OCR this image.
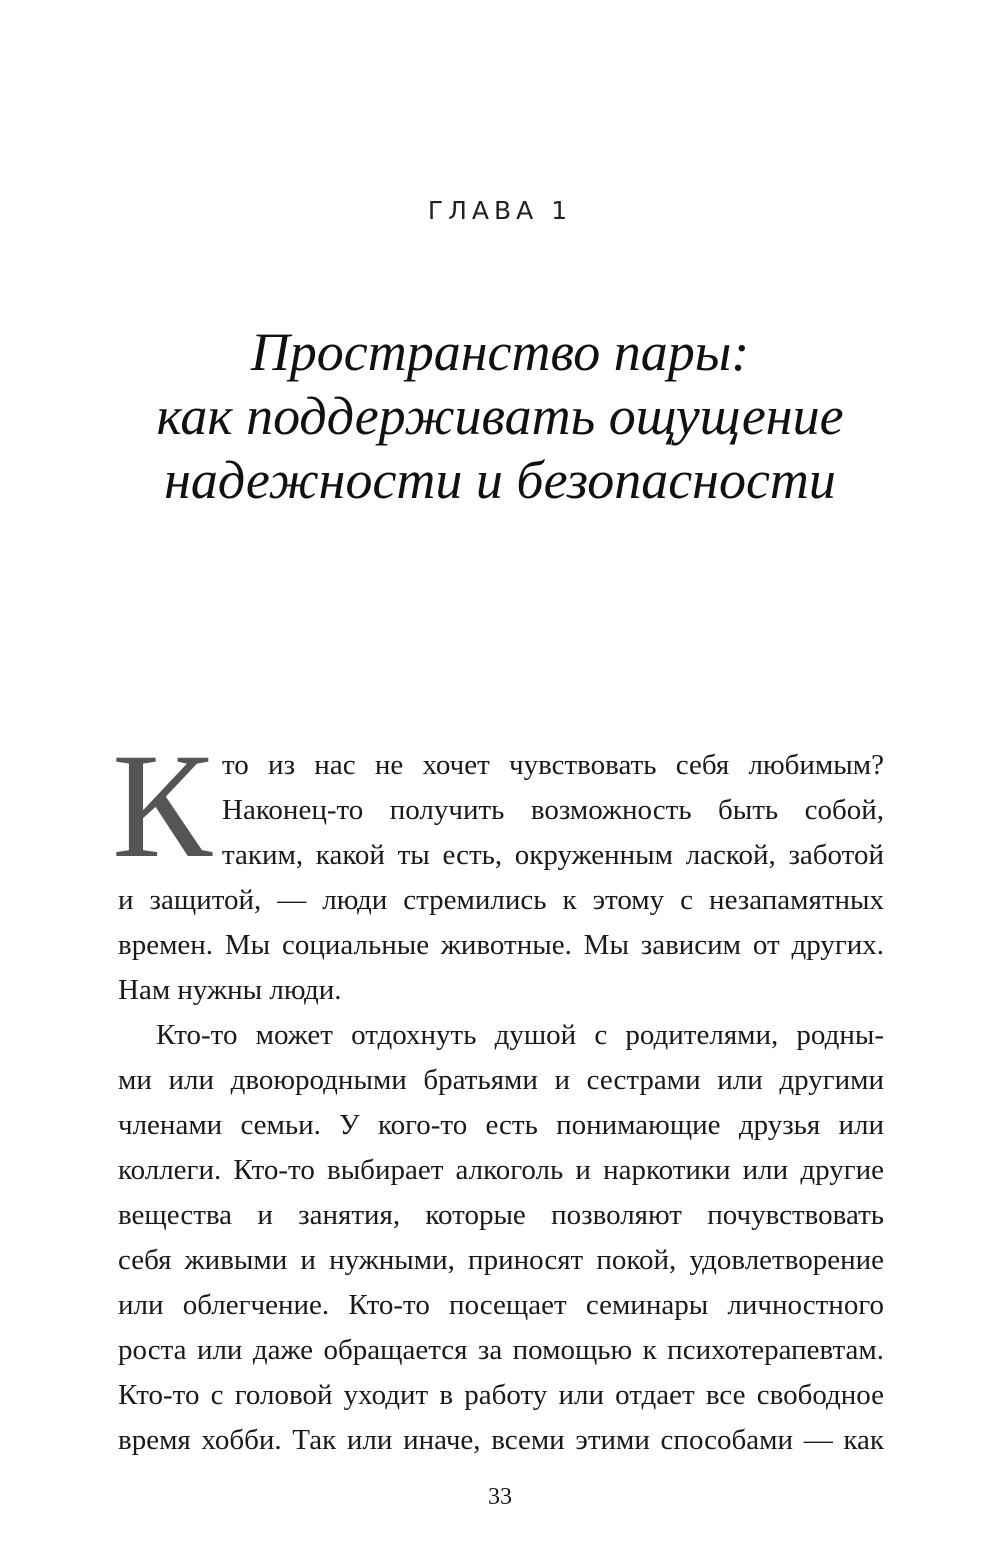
ГЛАВА 1
Пространство пары:
как поддерживать ощущение
надежности и безопасности
К то из нас не хочет чувствовать себя любимым?
Наконец-то получить возможность быть собой,
таким, какой ты есть, окруженным лаской, заботой
и защитой, — люди стремились к этому с незапамятных
времен. Мы социальные животные. Мы зависим от других.
Нам нужны люди.
Кто-то может отдохнуть душой с родителями, родны-
ми или двоюродными братьями и сестрами или другими
членами семьи. У кого-то есть понимающие друзья или
коллеги. Кто-то выбирает алкоголь и наркотики или другие
вещества и занятия, которые позволяют почувствовать
себя живыми и нужными, приносят покой, удовлетворение
или облегчение. Кто-то посещает семинары личностного
роста или даже обращается за помощью к психотерапевтам.
Кто-то с головой уходит в работу или отдает все свободное
время хобби. Так или иначе, всеми этими способами — как
33
